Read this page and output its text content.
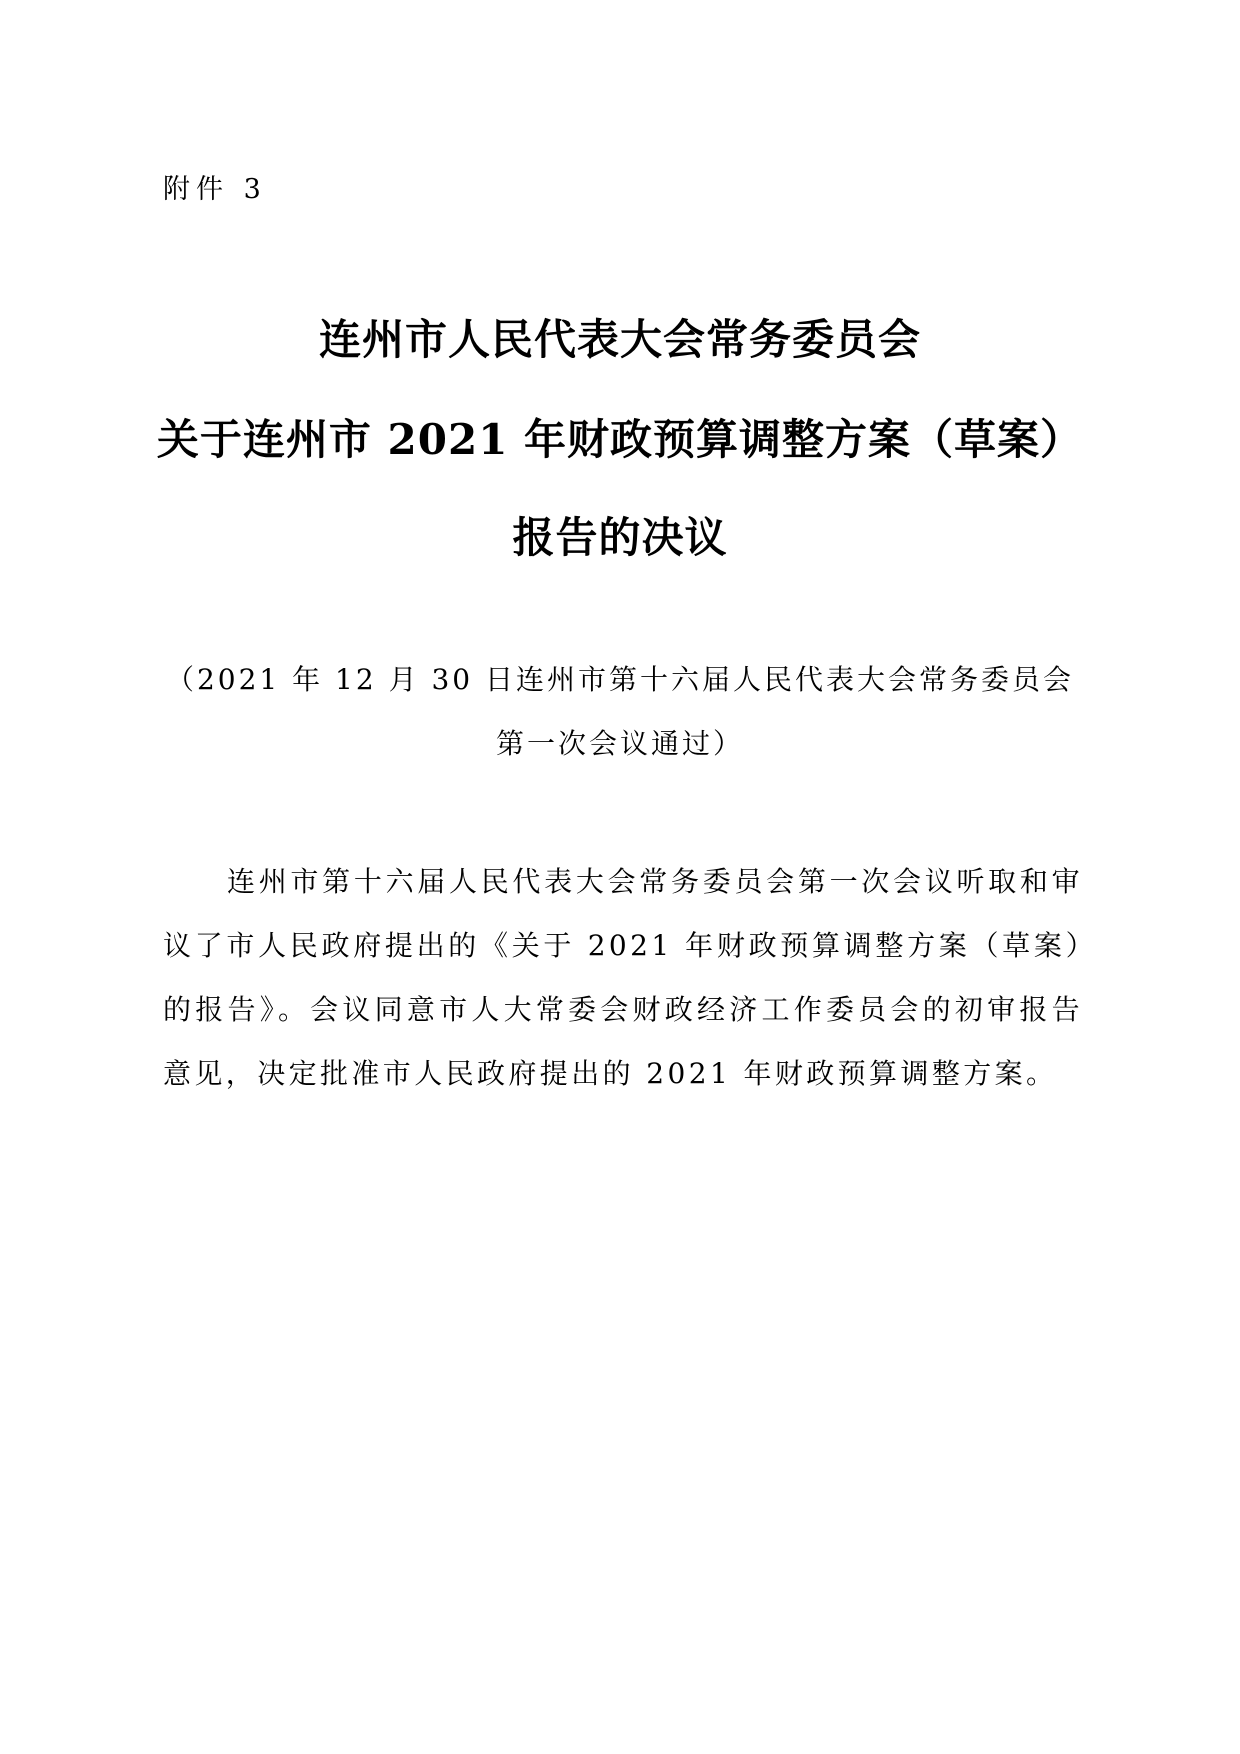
附件 3
连州市人民代表大会常务委员会
关于连州市 2021 年财政预算调整方案（草案）
报告的决议
（2021 年 12 月 30 日连州市第十六届人民代表大会常务委员会
第一次会议通过）

连州市第十六届人民代表大会常务委员会第一次会议听取和审议了市人民政府提出的《关于 2021 年财政预算调整方案（草案）的报告》。会议同意市人大常委会财政经济工作委员会的初审报告意见，决定批准市人民政府提出的 2021 年财政预算调整方案。
